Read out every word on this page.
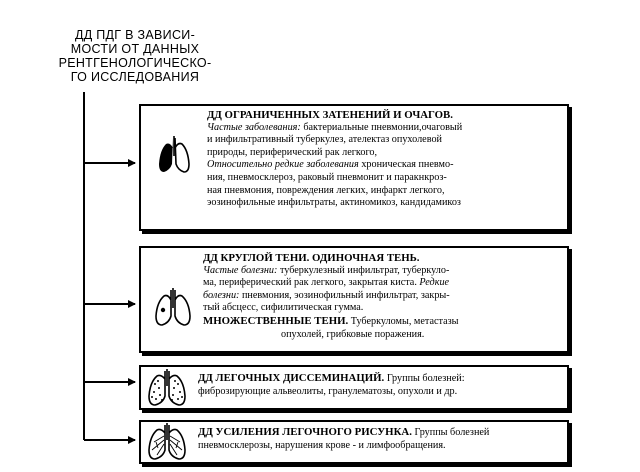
ДД ПДГ В ЗАВИСИ-
МОСТИ ОТ ДАННЫХ
РЕНТГЕНОЛОГИЧЕСКО-
ГО ИССЛЕДОВАНИЯ
ДД ОГРАНИЧЕННЫХ ЗАТЕНЕНИЙ И ОЧАГОВ.
Частые заболевания: бактериальные пневмонии,очаговый
и инфильтративный туберкулез, ателектаз опухолевой
природы, периферический рак легкого,
Относительно редкие заболевания хроническая пневмо-
ния, пневмосклероз, раковый пневмонит и паракнкроз-
ная пневмония, повреждения легких, инфаркт легкого,
эозинофильные инфильтраты, актиномикоз, кандидамикоз
ДД КРУГЛОЙ ТЕНИ. ОДИНОЧНАЯ ТЕНЬ.
Частые болезни: туберкулезный инфильтрат, туберкуло-
ма, периферический рак легкого, закрытая киста. Редкие
болезни: пневмония, эозинофильный инфильтрат, закры-
тый абсцесс, сифилитическая гумма.
МНОЖЕСТВЕННЫЕ ТЕНИ. Туберкуломы, метастазы
опухолей, грибковые поражения.
ДД ЛЕГОЧНЫХ ДИССЕМИНАЦИЙ. Группы болезней:
фиброзирующие альвеолиты, гранулематозы, опухоли и др.
ДД УСИЛЕНИЯ ЛЕГОЧНОГО РИСУНКА. Группы болезней
пневмосклерозы, нарушения крове - и лимфообращения.
